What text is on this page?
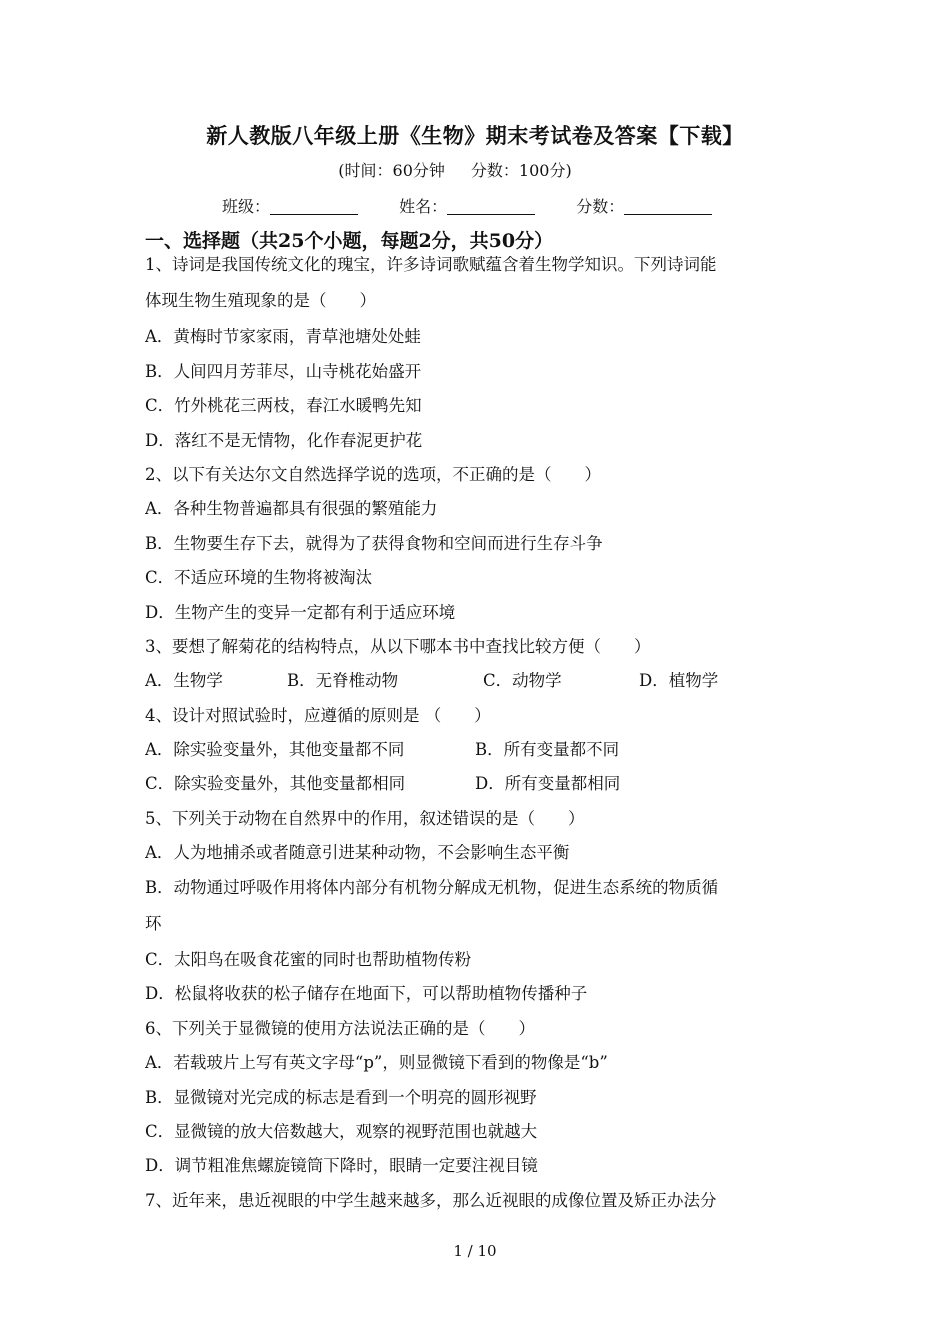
新人教版八年级上册《生物》期末考试卷及答案【下载】
(时间：60分钟 分数：100分)
班级：	姓名：	分数：
一、选择题（共25个小题，每题2分，共50分）
1、诗词是我国传统文化的瑰宝，许多诗词歌赋蕴含着生物学知识。下列诗词能
体现生物生殖现象的是（　　）
A．黄梅时节家家雨，青草池塘处处蛙
B．人间四月芳菲尽，山寺桃花始盛开
C．竹外桃花三两枝，春江水暖鸭先知
D．落红不是无情物，化作春泥更护花
2、以下有关达尔文自然选择学说的选项，不正确的是（　　）
A．各种生物普遍都具有很强的繁殖能力
B．生物要生存下去，就得为了获得食物和空间而进行生存斗争
C．不适应环境的生物将被淘汰
D．生物产生的变异一定都有利于适应环境
3、要想了解菊花的结构特点，从以下哪本书中查找比较方便（　　）
A．生物学	B．无脊椎动物	C．动物学	D．植物学
4、设计对照试验时，应遵循的原则是 （　　）
A．除实验变量外，其他变量都不同	B．所有变量都不同
C．除实验变量外，其他变量都相同	D．所有变量都相同
5、下列关于动物在自然界中的作用，叙述错误的是（　　）
A．人为地捕杀或者随意引进某种动物，不会影响生态平衡
B．动物通过呼吸作用将体内部分有机物分解成无机物，促进生态系统的物质循
环
C．太阳鸟在吸食花蜜的同时也帮助植物传粉
D．松鼠将收获的松子储存在地面下，可以帮助植物传播种子
6、下列关于显微镜的使用方法说法正确的是（　　）
A．若载玻片上写有英文字母“p”，则显微镜下看到的物像是“b”
B．显微镜对光完成的标志是看到一个明亮的圆形视野
C．显微镜的放大倍数越大，观察的视野范围也就越大
D．调节粗准焦螺旋镜筒下降时，眼睛一定要注视目镜
7、近年来，患近视眼的中学生越来越多，那么近视眼的成像位置及矫正办法分
1 / 10
